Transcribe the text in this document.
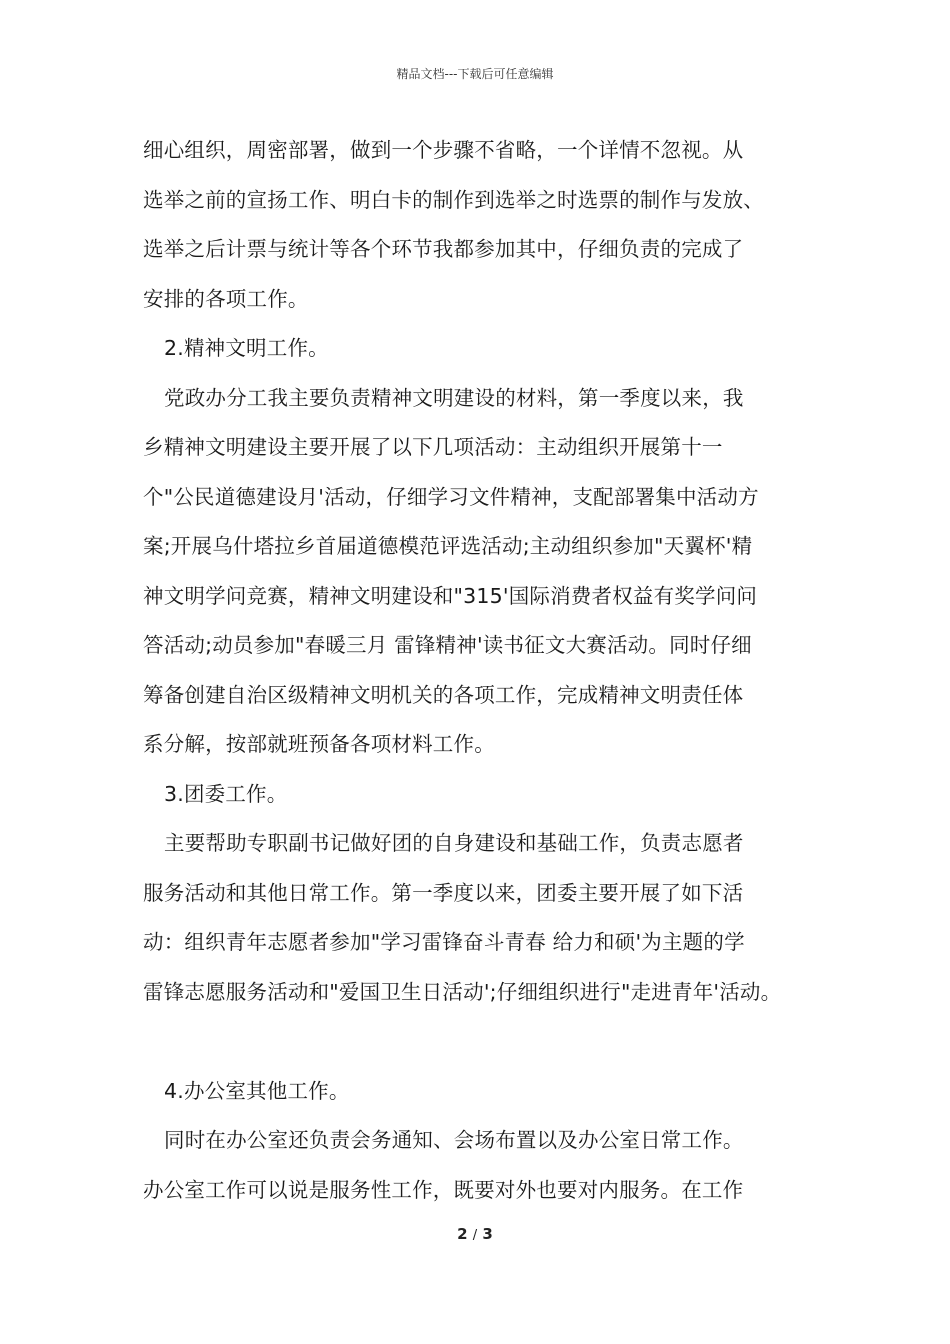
精品文档---下载后可任意编辑
细心组织，周密部署，做到一个步骤不省略，一个详情不忽视。从
选举之前的宣扬工作、明白卡的制作到选举之时选票的制作与发放、
选举之后计票与统计等各个环节我都参加其中，仔细负责的完成了
安排的各项工作。
2.精神文明工作。
党政办分工我主要负责精神文明建设的材料，第一季度以来，我
乡精神文明建设主要开展了以下几项活动：主动组织开展第十一
个"公民道德建设月'活动，仔细学习文件精神，支配部署集中活动方
案;开展乌什塔拉乡首届道德模范评选活动;主动组织参加"天翼杯'精
神文明学问竞赛，精神文明建设和"315'国际消费者权益有奖学问问
答活动;动员参加"春暖三月 雷锋精神'读书征文大赛活动。同时仔细
筹备创建自治区级精神文明机关的各项工作，完成精神文明责任体
系分解，按部就班预备各项材料工作。
3.团委工作。
主要帮助专职副书记做好团的自身建设和基础工作，负责志愿者
服务活动和其他日常工作。第一季度以来，团委主要开展了如下活
动：组织青年志愿者参加"学习雷锋奋斗青春 给力和硕'为主题的学
雷锋志愿服务活动和"爱国卫生日活动';仔细组织进行"走进青年'活动。
4.办公室其他工作。
同时在办公室还负责会务通知、会场布置以及办公室日常工作。
办公室工作可以说是服务性工作，既要对外也要对内服务。在工作
2 / 3
